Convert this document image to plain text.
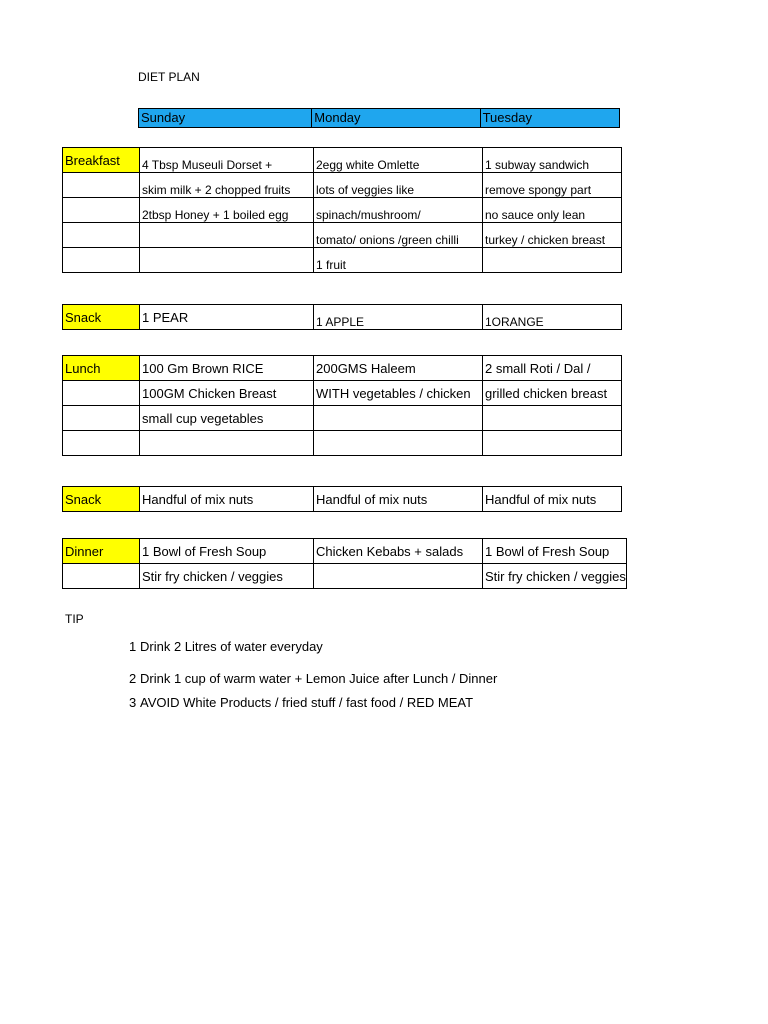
DIET PLAN
Sunday	Monday	Tuesday
Breakfast	4 Tbsp Museuli Dorset +	2egg white Omlette	1 subway sandwich
	skim milk + 2 chopped fruits	lots of veggies like	remove spongy part
	2tbsp Honey + 1 boiled egg	spinach/mushroom/	no sauce only lean
		tomato/ onions /green chilli	turkey / chicken breast
		1 fruit	
Snack	1 PEAR	1 APPLE	1ORANGE
Lunch	100 Gm Brown RICE	200GMS Haleem	2 small Roti / Dal /
	100GM Chicken Breast	WITH vegetables / chicken	grilled chicken breast
	small cup vegetables		

Snack	Handful of mix nuts	Handful of mix nuts	Handful of mix nuts
Dinner	1 Bowl of Fresh Soup	Chicken Kebabs + salads	1 Bowl of Fresh Soup
	Stir fry chicken / veggies		Stir fry chicken / veggies
TIP
1 Drink 2 Litres of water everyday
2 Drink 1 cup of warm water + Lemon Juice after Lunch / Dinner
3 AVOID White Products / fried stuff / fast food / RED MEAT
